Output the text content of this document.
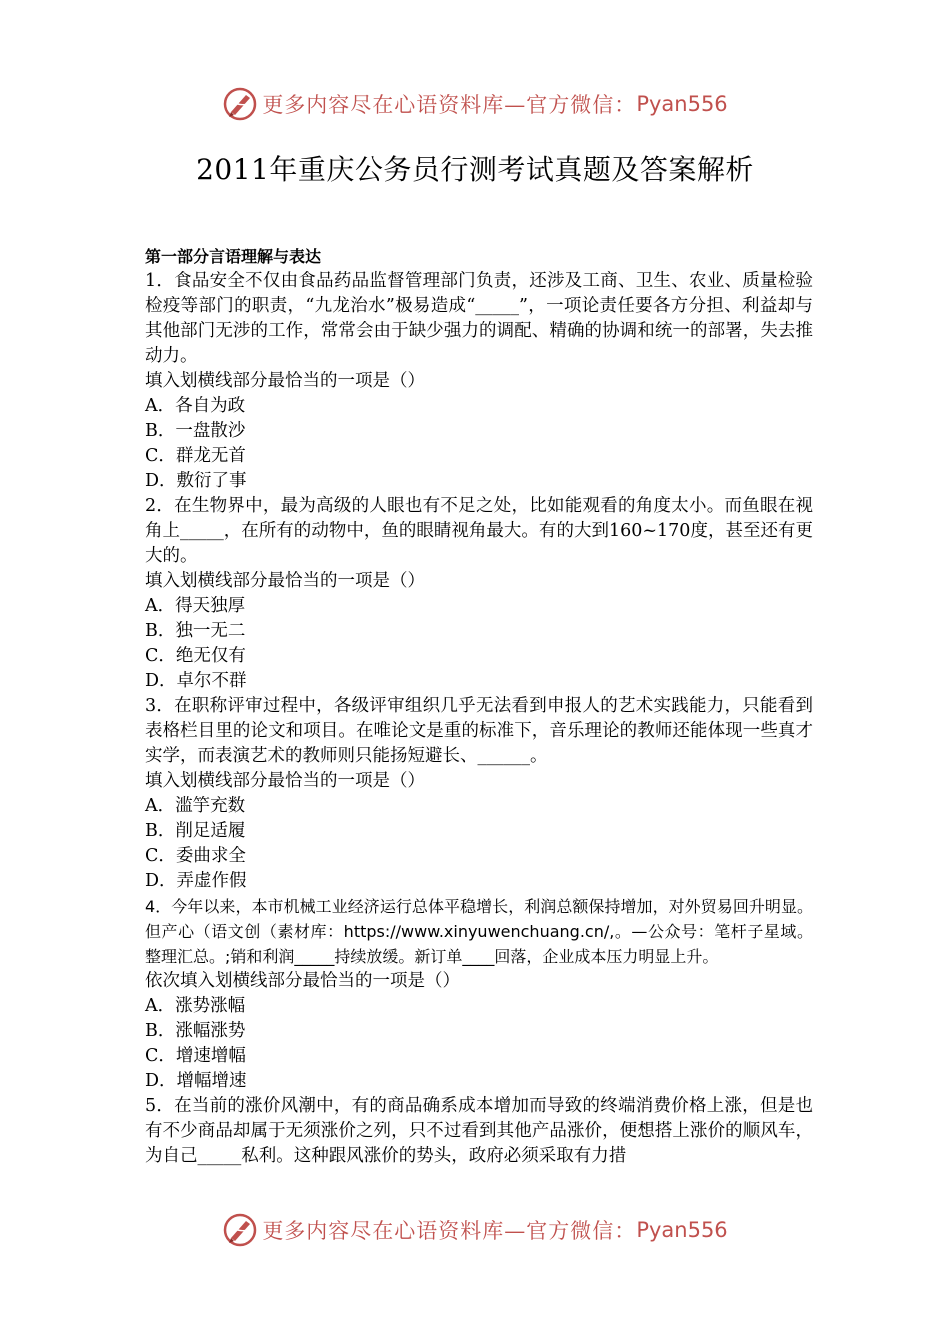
更多内容尽在心语资料库—官方微信： Pyan556
2011年重庆公务员行测考试真题及答案解析

第一部分言语理解与表达

1．食品安全不仅由食品药品监督管理部门负责，还涉及工商、卫生、农业、质量检验检疫等部门的职责，“九龙治水”极易造成“_____”，一项论责任要各方分担、利益却与其他部门无涉的工作，常常会由于缺少强力的调配、精确的协调和统一的部署，失去推动力。

填入划横线部分最恰当的一项是（）

A．各自为政

B．一盘散沙

C．群龙无首

D．敷衍了事

2．在生物界中，最为高级的人眼也有不足之处，比如能观看的角度太小。而鱼眼在视角上_____，在所有的动物中，鱼的眼睛视角最大。有的大到160~170度，甚至还有更大的。

填入划横线部分最恰当的一项是（）

A．得天独厚

B．独一无二

C．绝无仅有

D．卓尔不群

3．在职称评审过程中，各级评审组织几乎无法看到申报人的艺术实践能力，只能看到表格栏目里的论文和项目。在唯论文是重的标准下，音乐理论的教师还能体现一些真才实学，而表演艺术的教师则只能扬短避长、______。

填入划横线部分最恰当的一项是（）

A．滥竽充数

B．削足适履

C．委曲求全

D．弄虚作假

4．今年以来，本市机械工业经济运行总体平稳增长，利润总额保持增加，对外贸易回升明显。但产心（语文创（素材库：https://www.xinyuwenchuang.cn/,。—公众号：笔杆子星域。整理汇总。;销和利润_____持续放缓。新订单____回落，企业成本压力明显上升。

依次填入划横线部分最恰当的一项是（）

A．涨势涨幅

B．涨幅涨势

C．增速增幅

D．增幅增速

5．在当前的涨价风潮中，有的商品确系成本增加而导致的终端消费价格上涨，但是也有不少商品却属于无须涨价之列，只不过看到其他产品涨价，便想搭上涨价的顺风车，为自己_____私利。这种跟风涨价的势头，政府必须采取有力措

更多内容尽在心语资料库—官方微信： Pyan556
